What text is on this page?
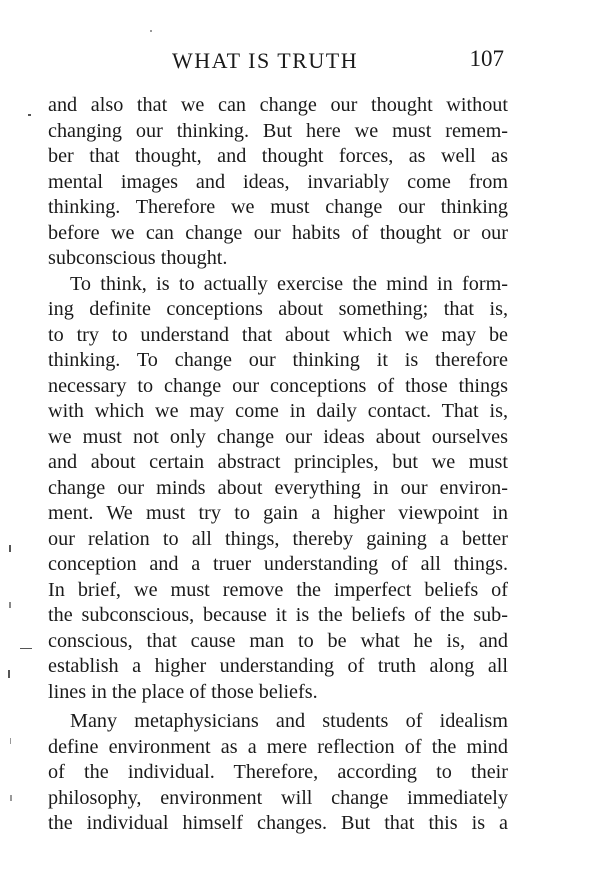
WHAT IS TRUTH	107
and also that we can change our thought without
changing our thinking. But here we must remem-
ber that thought, and thought forces, as well as
mental images and ideas, invariably come from
thinking. Therefore we must change our thinking
before we can change our habits of thought or our
subconscious thought.
To think, is to actually exercise the mind in form-
ing definite conceptions about something; that is,
to try to understand that about which we may be
thinking. To change our thinking it is therefore
necessary to change our conceptions of those things
with which we may come in daily contact. That is,
we must not only change our ideas about ourselves
and about certain abstract principles, but we must
change our minds about everything in our environ-
ment. We must try to gain a higher viewpoint in
our relation to all things, thereby gaining a better
conception and a truer understanding of all things.
In brief, we must remove the imperfect beliefs of
the subconscious, because it is the beliefs of the sub-
conscious, that cause man to be what he is, and
establish a higher understanding of truth along all
lines in the place of those beliefs.
Many metaphysicians and students of idealism
define environment as a mere reflection of the mind
of the individual. Therefore, according to their
philosophy, environment will change immediately
the individual himself changes. But that this is a
